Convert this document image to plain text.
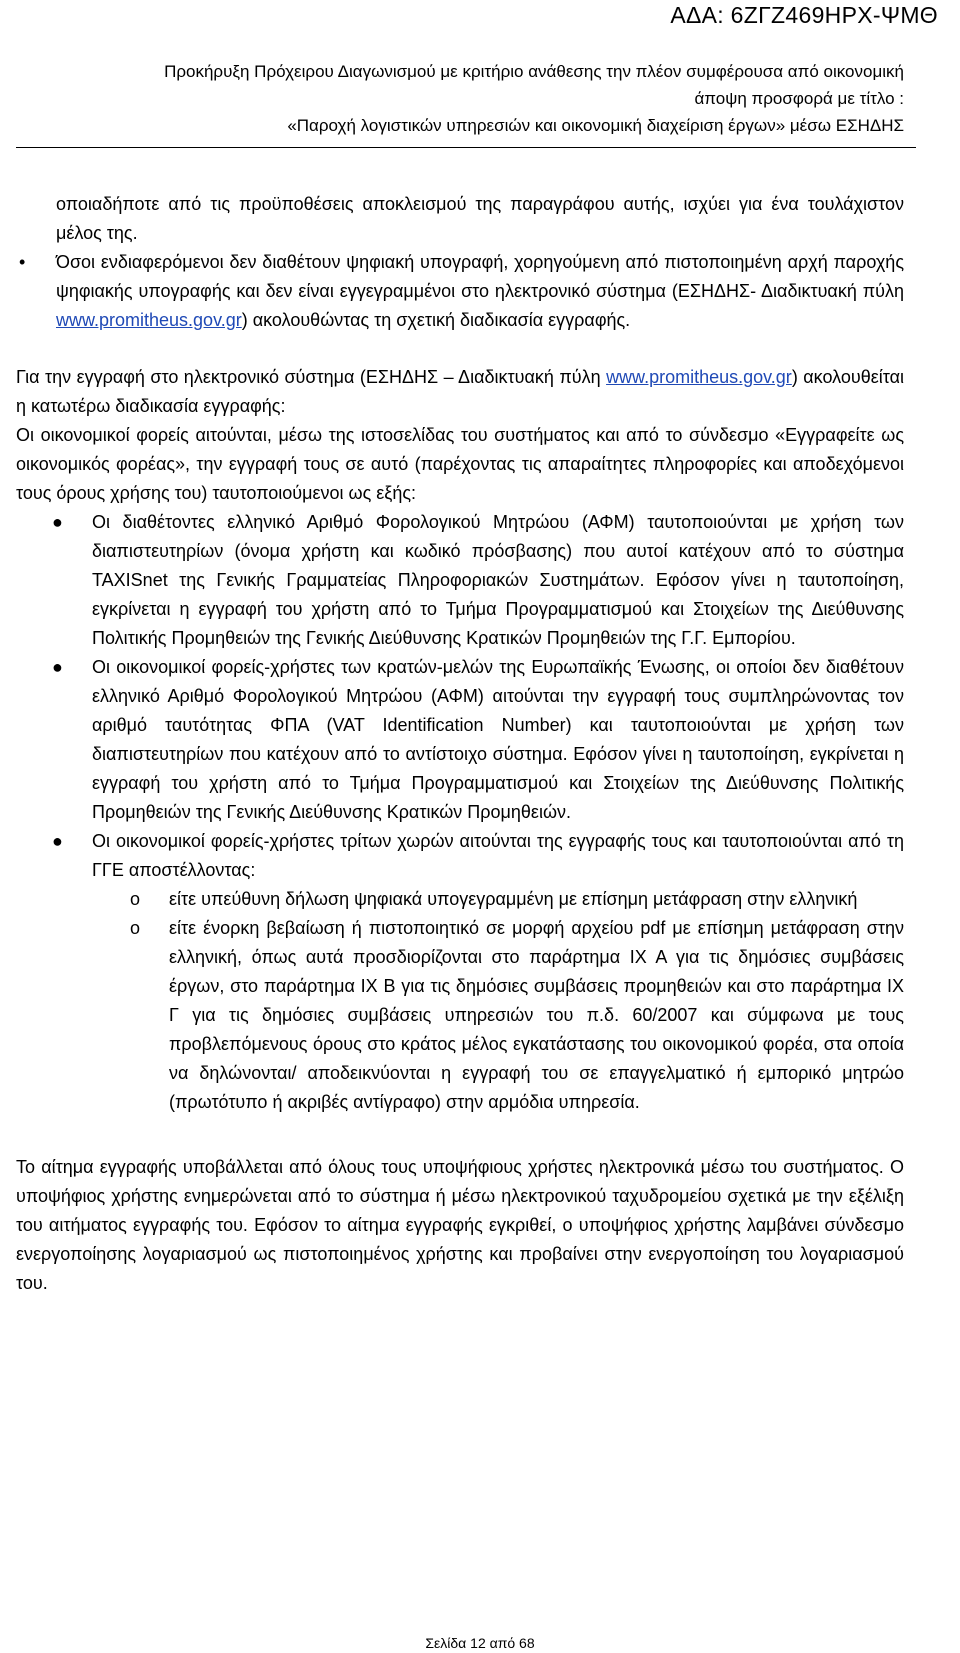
ΑΔΑ: 6ΖΓΖ469ΗΡΧ-ΨΜΘ
Προκήρυξη Πρόχειρου Διαγωνισμού με κριτήριο ανάθεσης την πλέον συμφέρουσα από οικονομική
άποψη προσφορά με τίτλο :
«Παροχή λογιστικών υπηρεσιών και οικονομική διαχείριση έργων» μέσω ΕΣΗΔΗΣ

οποιαδήποτε από τις προϋποθέσεις αποκλεισμού της παραγράφου αυτής, ισχύει για ένα τουλάχιστον μέλος της.

• Όσοι ενδιαφερόμενοι δεν διαθέτουν ψηφιακή υπογραφή, χορηγούμενη από πιστοποιημένη αρχή παροχής ψηφιακής υπογραφής και δεν είναι εγγεγραμμένοι στο ηλεκτρονικό σύστημα (ΕΣΗΔΗΣ- Διαδικτυακή πύλη www.promitheus.gov.gr) ακολουθώντας τη σχετική διαδικασία εγγραφής.

Για την εγγραφή στο ηλεκτρονικό σύστημα (ΕΣΗΔΗΣ – Διαδικτυακή πύλη www.promitheus.gov.gr) ακολουθείται η κατωτέρω διαδικασία εγγραφής:

Οι οικονομικοί φορείς αιτούνται, μέσω της ιστοσελίδας του συστήματος και από το σύνδεσμο «Εγγραφείτε ως οικονομικός φορέας», την εγγραφή τους σε αυτό (παρέχοντας τις απαραίτητες πληροφορίες και αποδεχόμενοι τους όρους χρήσης του) ταυτοποιούμενοι ως εξής:

● Οι διαθέτοντες ελληνικό Αριθμό Φορολογικού Μητρώου (ΑΦΜ) ταυτοποιούνται με χρήση των διαπιστευτηρίων (όνομα χρήστη και κωδικό πρόσβασης) που αυτοί κατέχουν από το σύστημα TAXISnet της Γενικής Γραμματείας Πληροφοριακών Συστημάτων. Εφόσον γίνει η ταυτοποίηση, εγκρίνεται η εγγραφή του χρήστη από το Τμήμα Προγραμματισμού και Στοιχείων της Διεύθυνσης Πολιτικής Προμηθειών της Γενικής Διεύθυνσης Κρατικών Προμηθειών της Γ.Γ. Εμπορίου.

● Οι οικονομικοί φορείς-χρήστες των κρατών-μελών της Ευρωπαϊκής Ένωσης, οι οποίοι δεν διαθέτουν ελληνικό Αριθμό Φορολογικού Μητρώου (ΑΦΜ) αιτούνται την εγγραφή τους συμπληρώνοντας τον αριθμό ταυτότητας ΦΠΑ (VAT Identification Number) και ταυτοποιούνται με χρήση των διαπιστευτηρίων που κατέχουν από το αντίστοιχο σύστημα. Εφόσον γίνει η ταυτοποίηση, εγκρίνεται η εγγραφή του χρήστη από το Τμήμα Προγραμματισμού και Στοιχείων της Διεύθυνσης Πολιτικής Προμηθειών της Γενικής Διεύθυνσης Κρατικών Προμηθειών.

● Οι οικονομικοί φορείς-χρήστες τρίτων χωρών αιτούνται της εγγραφής τους και ταυτοποιούνται από τη ΓΓΕ αποστέλλοντας:

o είτε υπεύθυνη δήλωση ψηφιακά υπογεγραμμένη με επίσημη μετάφραση στην ελληνική

o είτε ένορκη βεβαίωση ή πιστοποιητικό σε μορφή αρχείου pdf με επίσημη μετάφραση στην ελληνική, όπως αυτά προσδιορίζονται στο παράρτημα ΙΧ Α για τις δημόσιες συμβάσεις έργων, στο παράρτημα ΙΧ Β για τις δημόσιες συμβάσεις προμηθειών και στο παράρτημα ΙΧ Γ για τις δημόσιες συμβάσεις υπηρεσιών του π.δ. 60/2007 και σύμφωνα με τους προβλεπόμενους όρους στο κράτος μέλος εγκατάστασης του οικονομικού φορέα, στα οποία να δηλώνονται/ αποδεικνύονται η εγγραφή του σε επαγγελματικό ή εμπορικό μητρώο (πρωτότυπο ή ακριβές αντίγραφο) στην αρμόδια υπηρεσία.

Το αίτημα εγγραφής υποβάλλεται από όλους τους υποψήφιους χρήστες ηλεκτρονικά μέσω του συστήματος. Ο υποψήφιος χρήστης ενημερώνεται από το σύστημα ή μέσω ηλεκτρονικού ταχυδρομείου σχετικά με την εξέλιξη του αιτήματος εγγραφής του. Εφόσον το αίτημα εγγραφής εγκριθεί, ο υποψήφιος χρήστης λαμβάνει σύνδεσμο ενεργοποίησης λογαριασμού ως πιστοποιημένος χρήστης και προβαίνει στην ενεργοποίηση του λογαριασμού του.

Σελίδα 12 από 68
